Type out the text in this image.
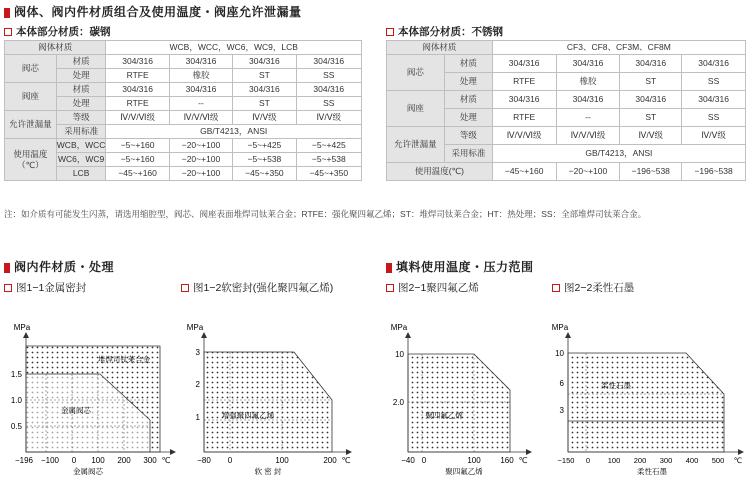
阀体、阀内件材质组合及使用温度・阀座允许泄漏量
本体部分材质：碳钢
阀体材质		WCB，WCC，WC6，WC9，LCB			
阀芯	材质	304/316	304/316	304/316	304/316
	处理	RTFE	橡胶	ST	SS
阀座	材质	304/316	304/316	304/316	304/316
	处理	RTFE	--	ST	SS
允许泄漏量	等级	Ⅳ/Ⅴ/Ⅵ级	Ⅳ/Ⅴ/Ⅵ级	Ⅳ/Ⅴ级	Ⅳ/Ⅴ级
	采用标准	GB/T4213，ANSI			
使用温度（℃）	WCB，WCC	−5~+160	−20~+100	−5~+425	−5~+425
	WC6，WC9	−5~+160	−20~+100	−5~+538	−5~+538
	LCB	−45~+160	−20~+100	−45~+350	−45~+350
本体部分材质：不锈钢
阀体材质		CF3、CF8、CF3M、CF8M			
阀芯	材质	304/316	304/316	304/316	304/316
	处理	RTFE	橡胶	ST	SS
阀座	材质	304/316	304/316	304/316	304/316
	处理	RTFE	--	ST	SS
允许泄漏量	等级	Ⅳ/Ⅴ/Ⅵ级	Ⅳ/Ⅴ/Ⅵ级	Ⅳ/Ⅴ级	Ⅳ/Ⅴ级
	采用标准	GB/T4213，ANSI			
使用温度(℃)		−45~+160	−20~+100	−196~538	−196~538
注：如介质有可能发生闪蒸，请选用缩腔型，阀芯、阀座表面堆焊司钛莱合金；RTFE：强化聚四氟乙烯；ST：堆焊司钛莱合金；HT：热处理；SS：全部堆焊司钛莱合金。
阀内件材质・处理	填料使用温度・压力范围
图1−1金属密封	图1−2软密封(强化聚四氟乙烯)	图2−1聚四氟乙烯	图2−2柔性石墨
MPa
1.5
1.0
0.5
−196 −100 0 100 200 300 ℃
金属阀芯
堆焊司钛莱合金
金属阀芯
MPa
3
2
1
−80 0	100	200 ℃
软 密 封
增强聚四氟乙烯
MPa
10
2.0
−40 0	100 160 ℃
聚四氟乙烯
聚四氟乙烯
MPa
10
6
3
−150 0 100 200 300 400 500 ℃
柔性石墨
柔性石墨
